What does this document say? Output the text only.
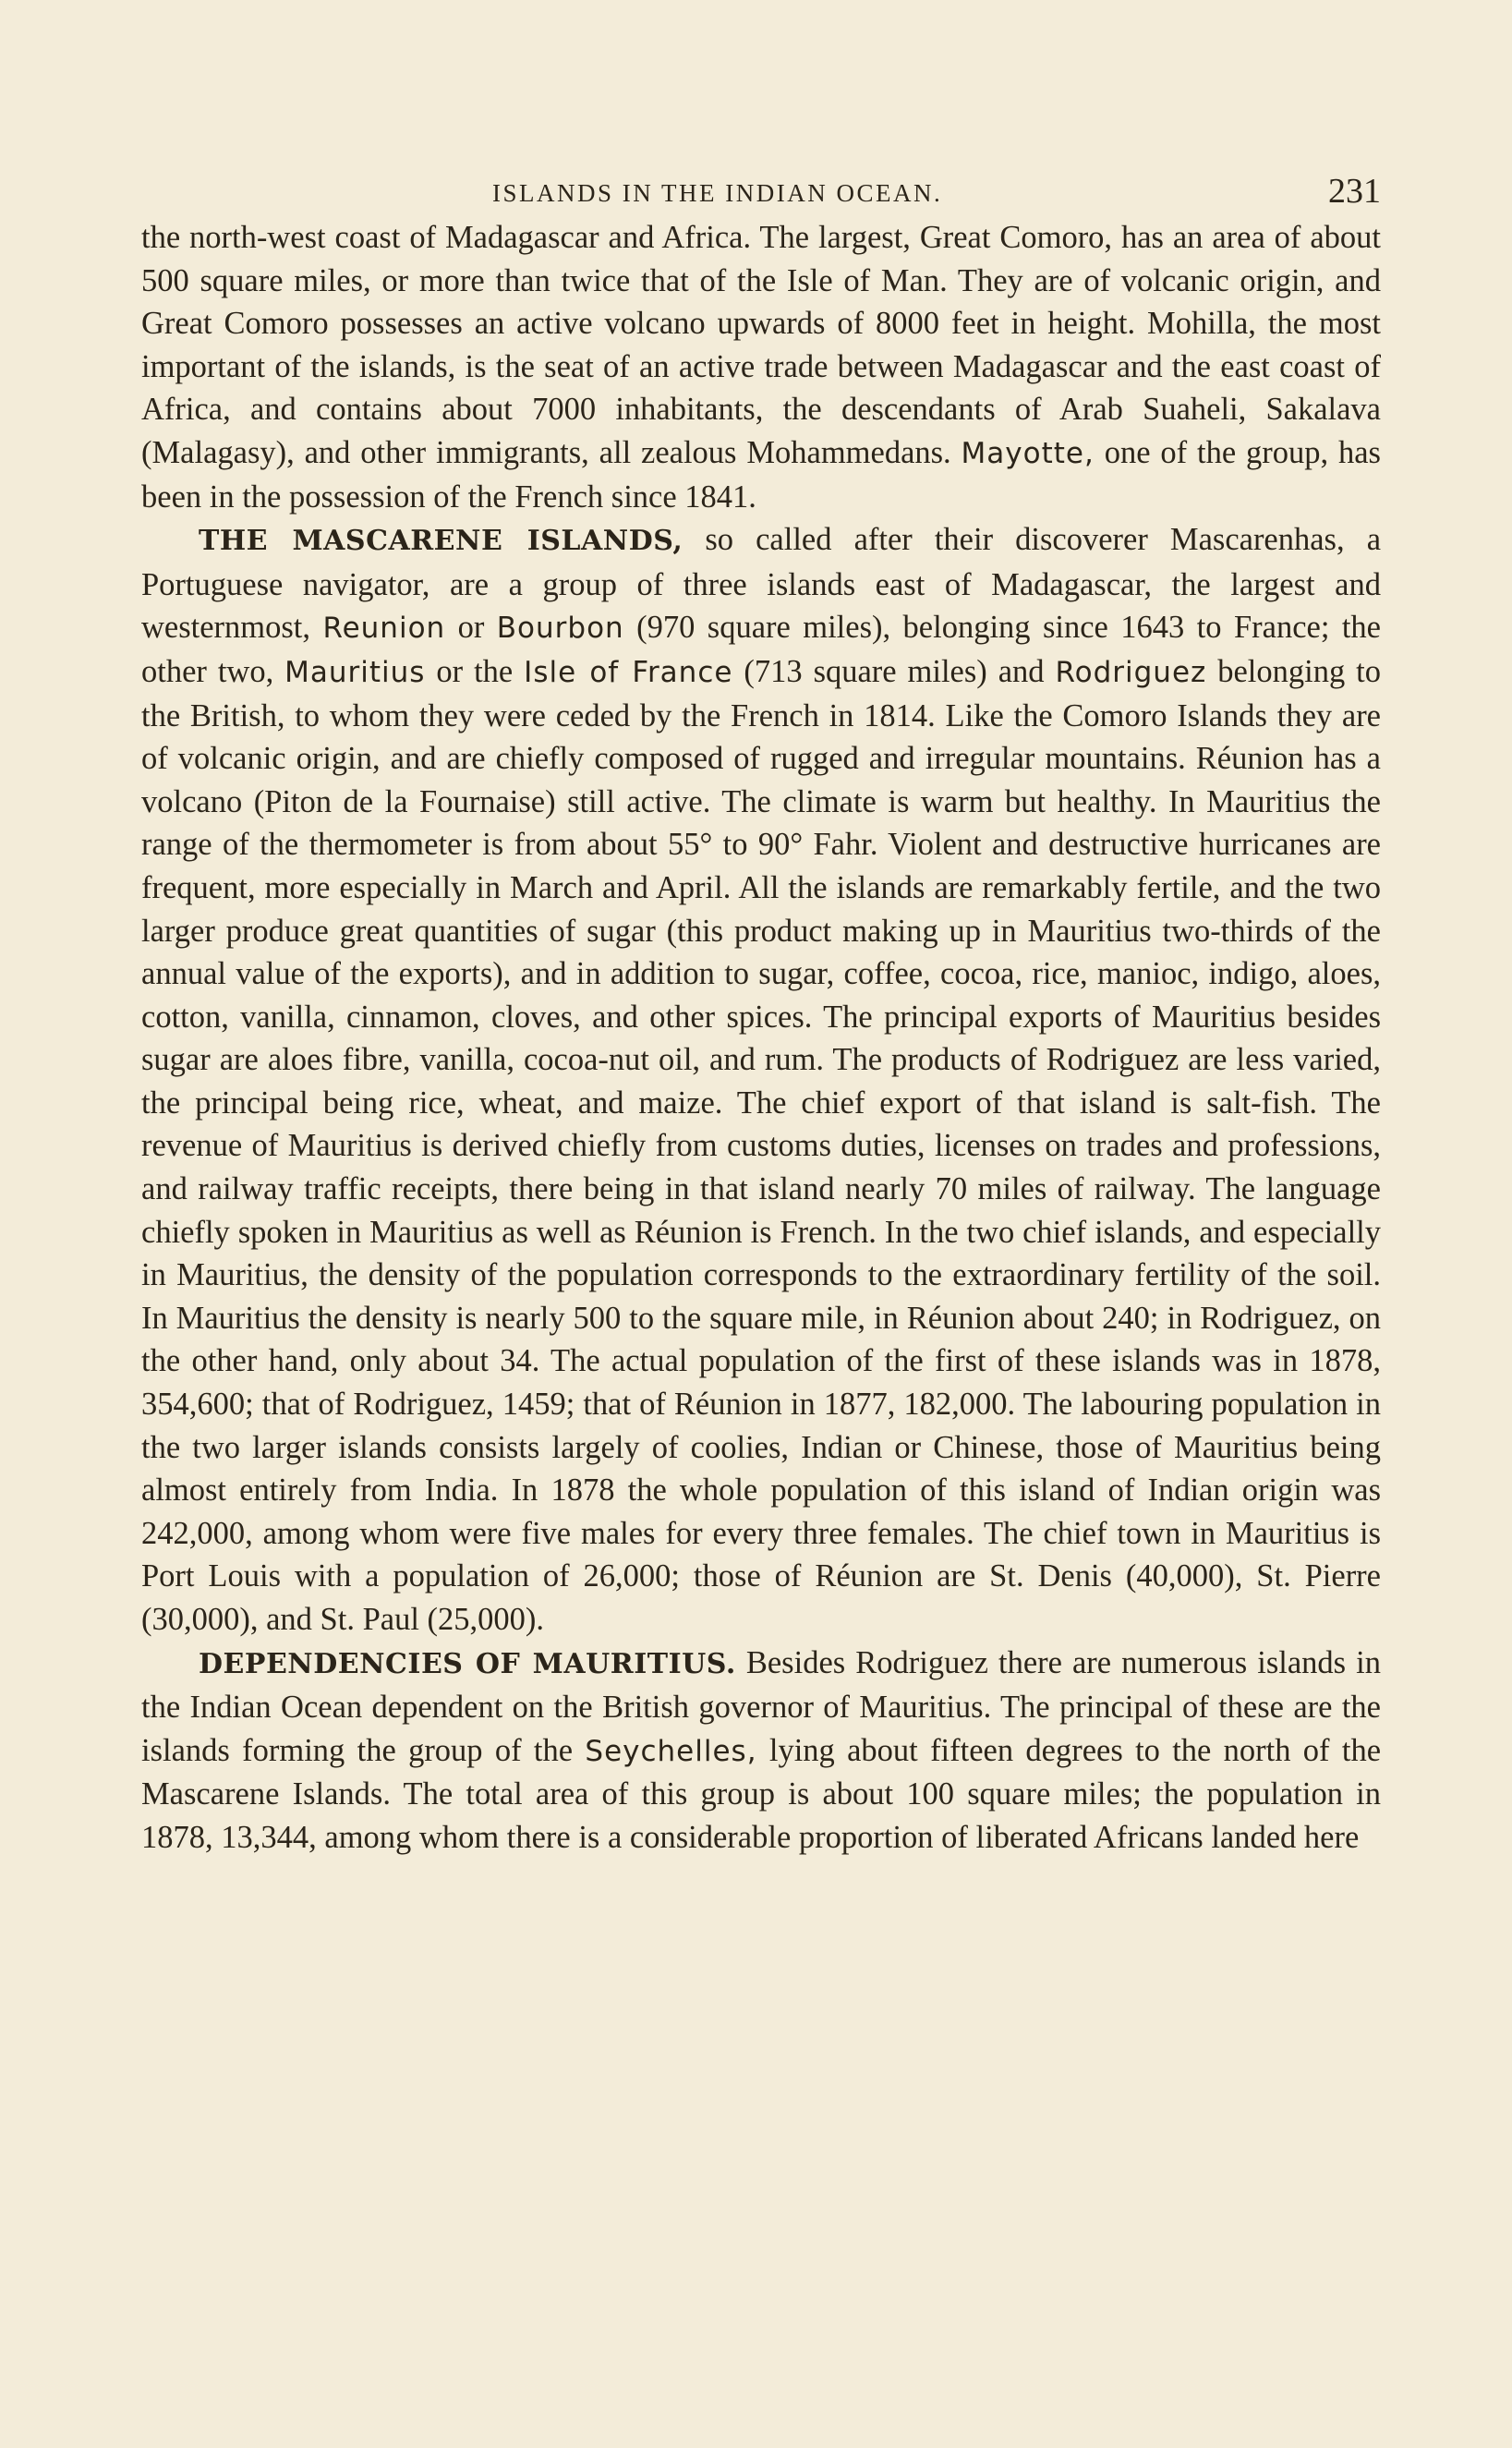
ISLANDS IN THE INDIAN OCEAN.	231

the north-west coast of Madagascar and Africa. The largest, Great Comoro, has an area of about 500 square miles, or more than twice that of the Isle of Man. They are of volcanic origin, and Great Comoro possesses an active volcano upwards of 8000 feet in height. Mohilla, the most important of the islands, is the seat of an active trade between Madagascar and the east coast of Africa, and contains about 7000 inhabitants, the descendants of Arab Suaheli, Sakalava (Malagasy), and other immigrants, all zealous Mohammedans. Mayotte, one of the group, has been in the possession of the French since 1841.

THE MASCARENE ISLANDS, so called after their discoverer Mascarenhas, a Portuguese navigator, are a group of three islands east of Madagascar, the largest and westernmost, Reunion or Bourbon (970 square miles), belonging since 1643 to France; the other two, Mauritius or the Isle of France (713 square miles) and Rodriguez belonging to the British, to whom they were ceded by the French in 1814. Like the Comoro Islands they are of volcanic origin, and are chiefly composed of rugged and irregular mountains. Réunion has a volcano (Piton de la Fournaise) still active. The climate is warm but healthy. In Mauritius the range of the thermometer is from about 55° to 90° Fahr. Violent and destructive hurricanes are frequent, more especially in March and April. All the islands are remarkably fertile, and the two larger produce great quantities of sugar (this product making up in Mauritius two-thirds of the annual value of the exports), and in addition to sugar, coffee, cocoa, rice, manioc, indigo, aloes, cotton, vanilla, cinnamon, cloves, and other spices. The principal exports of Mauritius besides sugar are aloes fibre, vanilla, cocoa-nut oil, and rum. The products of Rodriguez are less varied, the principal being rice, wheat, and maize. The chief export of that island is salt-fish. The revenue of Mauritius is derived chiefly from customs duties, licenses on trades and professions, and railway traffic receipts, there being in that island nearly 70 miles of railway. The language chiefly spoken in Mauritius as well as Réunion is French. In the two chief islands, and especially in Mauritius, the density of the population corresponds to the extraordinary fertility of the soil. In Mauritius the density is nearly 500 to the square mile, in Réunion about 240; in Rodriguez, on the other hand, only about 34. The actual population of the first of these islands was in 1878, 354,600; that of Rodriguez, 1459; that of Réunion in 1877, 182,000. The labouring population in the two larger islands consists largely of coolies, Indian or Chinese, those of Mauritius being almost entirely from India. In 1878 the whole population of this island of Indian origin was 242,000, among whom were five males for every three females. The chief town in Mauritius is Port Louis with a population of 26,000; those of Réunion are St. Denis (40,000), St. Pierre (30,000), and St. Paul (25,000).

DEPENDENCIES OF MAURITIUS. Besides Rodriguez there are numerous islands in the Indian Ocean dependent on the British governor of Mauritius. The principal of these are the islands forming the group of the Seychelles, lying about fifteen degrees to the north of the Mascarene Islands. The total area of this group is about 100 square miles; the population in 1878, 13,344, among whom there is a considerable proportion of liberated Africans landed here
